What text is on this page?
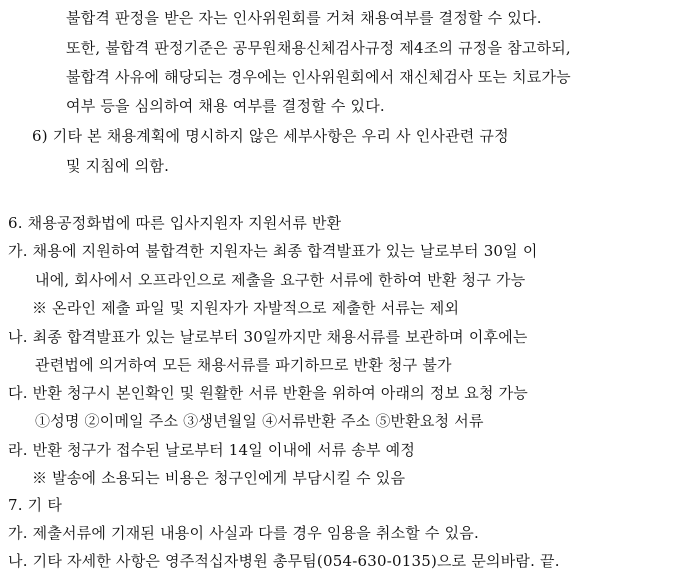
불합격 판정을 받은 자는 인사위원회를 거쳐 채용여부를 결정할 수 있다.
또한, 불합격 판정기준은 공무원채용신체검사규정 제4조의 규정을 참고하되,
불합격 사유에 해당되는 경우에는 인사위원회에서 재신체검사 또는 치료가능
여부 등을 심의하여 채용 여부를 결정할 수 있다.
6) 기타 본 채용계획에 명시하지 않은 세부사항은 우리 사 인사관련 규정
및 지침에 의함.
6. 채용공정화법에 따른 입사지원자 지원서류 반환
가. 채용에 지원하여 불합격한 지원자는 최종 합격발표가 있는 날로부터 30일 이
내에, 회사에서 오프라인으로 제출을 요구한 서류에 한하여 반환 청구 가능
※ 온라인 제출 파일 및 지원자가 자발적으로 제출한 서류는 제외
나. 최종 합격발표가 있는 날로부터 30일까지만 채용서류를 보관하며 이후에는
관련법에 의거하여 모든 채용서류를 파기하므로 반환 청구 불가
다. 반환 청구시 본인확인 및 원활한 서류 반환을 위하여 아래의 정보 요청 가능
①성명 ②이메일 주소 ③생년월일 ④서류반환 주소 ⑤반환요청 서류
라. 반환 청구가 접수된 날로부터 14일 이내에 서류 송부 예정
※ 발송에 소용되는 비용은 청구인에게 부담시킬 수 있음
7. 기 타
가. 제출서류에 기재된 내용이 사실과 다를 경우 임용을 취소할 수 있음.
나. 기타 자세한 사항은 영주적십자병원 총무팀(054-630-0135)으로 문의바람. 끝.
